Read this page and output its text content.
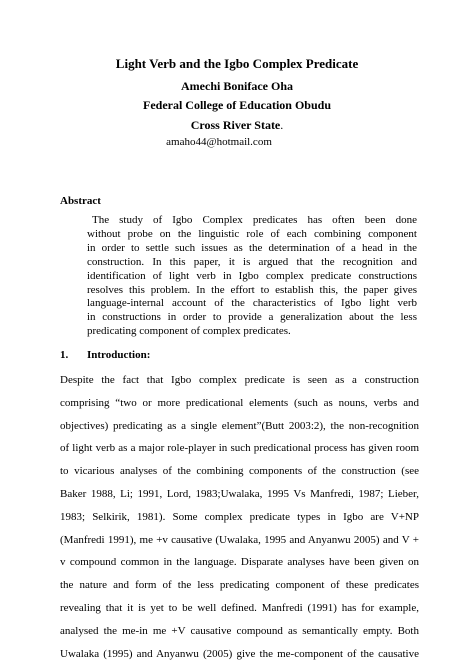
Light Verb and the Igbo Complex Predicate
Amechi Boniface Oha
Federal College of Education Obudu
Cross River State.
amaho44@hotmail.com
Abstract
The study of Igbo Complex predicates has often been done
without probe on the linguistic role of each combining component
in order to settle such issues as the determination of a head in the
construction. In this paper, it is argued that the recognition and
identification of light verb in Igbo complex predicate constructions
resolves this problem. In the effort to establish this, the paper gives
language-internal account of the characteristics of Igbo light verb
in constructions in order to provide a generalization about the less
predicating component of complex predicates.
1. Introduction:
Despite the fact that Igbo complex predicate is seen as a construction
comprising “two or more predicational elements (such as nouns, verbs and
objectives) predicating as a single element”(Butt 2003:2), the non-recognition
of light verb as a major role-player in such predicational process has given room
to vicarious analyses of the combining components of the construction (see
Baker 1988, Li; 1991, Lord, 1983;Uwalaka, 1995 Vs Manfredi, 1987; Lieber,
1983; Selkirik, 1981). Some complex predicate types in Igbo are V+NP
(Manfredi 1991), me +v causative (Uwalaka, 1995 and Anyanwu 2005) and V +
v compound common in the language. Disparate analyses have been given on
the nature and form of the less predicating component of these predicates
revealing that it is yet to be well defined. Manfredi (1991) has for example,
analysed the me-in me +V causative compound as semantically empty. Both
Uwalaka (1995) and Anyanwu (2005) give the me-component of the causative
